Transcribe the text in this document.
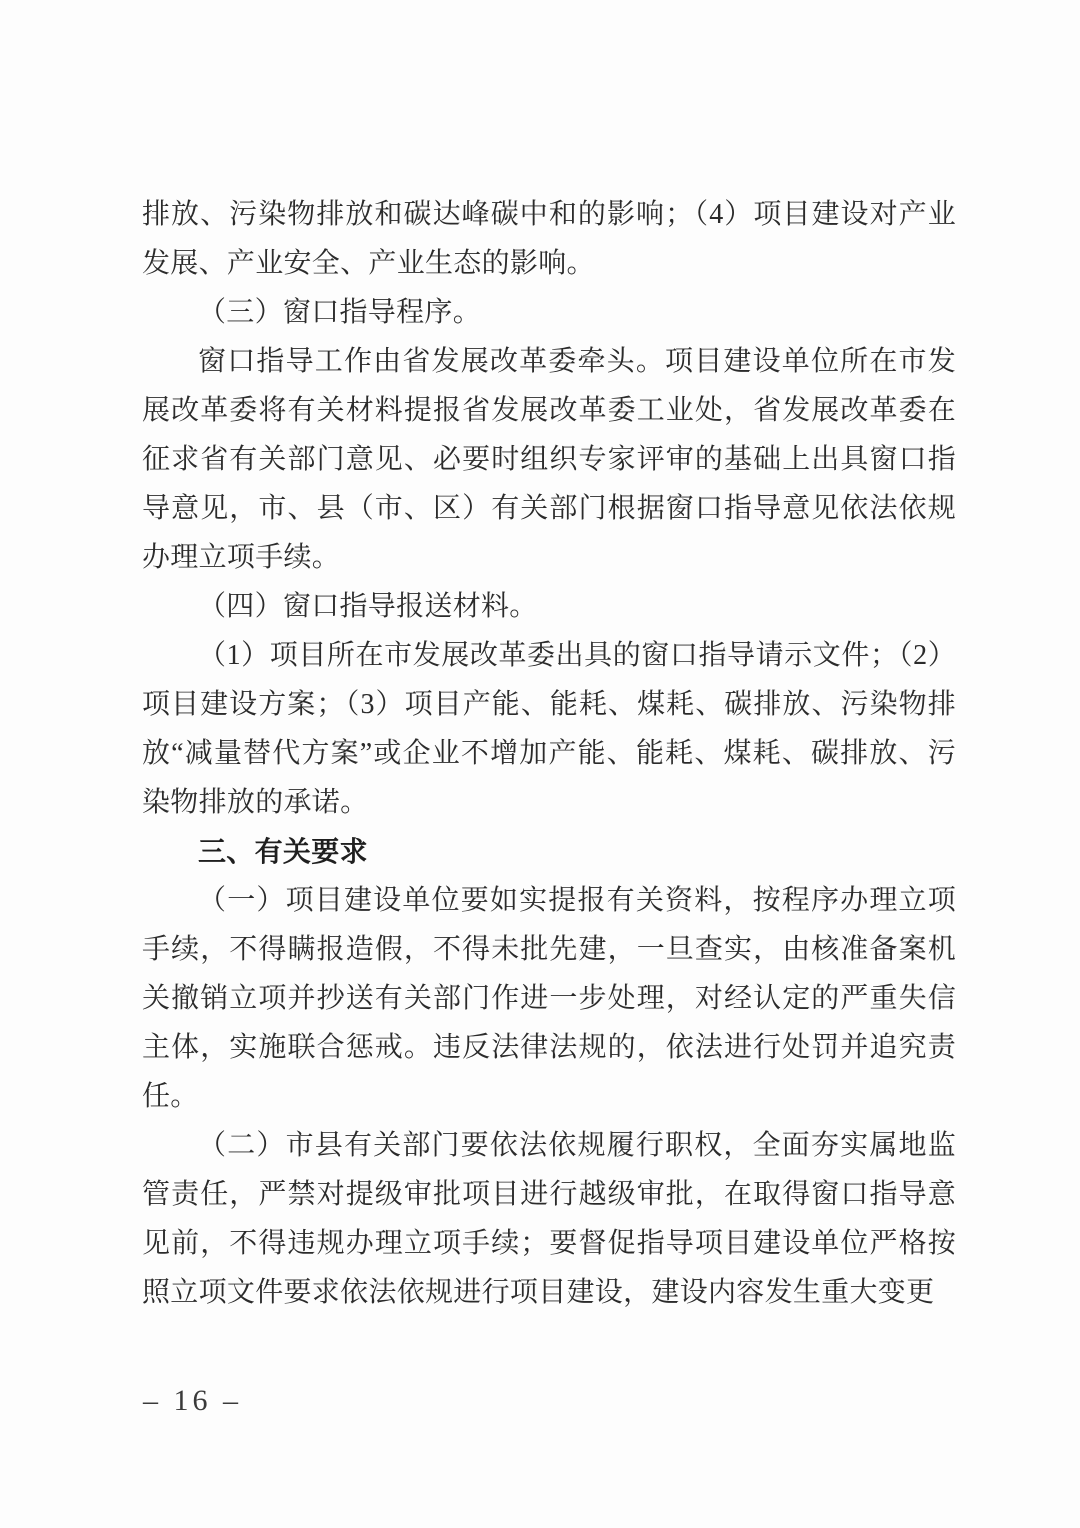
排放、污染物排放和碳达峰碳中和的影响；（4）项目建设对产业发展、产业安全、产业生态的影响。

（三）窗口指导程序。

窗口指导工作由省发展改革委牵头。项目建设单位所在市发展改革委将有关材料提报省发展改革委工业处，省发展改革委在征求省有关部门意见、必要时组织专家评审的基础上出具窗口指导意见，市、县（市、区）有关部门根据窗口指导意见依法依规办理立项手续。

（四）窗口指导报送材料。

（1）项目所在市发展改革委出具的窗口指导请示文件；（2）项目建设方案；（3）项目产能、能耗、煤耗、碳排放、污染物排放“减量替代方案”或企业不增加产能、能耗、煤耗、碳排放、污染物排放的承诺。

三、有关要求

（一）项目建设单位要如实提报有关资料，按程序办理立项手续，不得瞒报造假，不得未批先建，一旦查实，由核准备案机关撤销立项并抄送有关部门作进一步处理，对经认定的严重失信主体，实施联合惩戒。违反法律法规的，依法进行处罚并追究责任。

（二）市县有关部门要依法依规履行职权，全面夯实属地监管责任，严禁对提级审批项目进行越级审批，在取得窗口指导意见前，不得违规办理立项手续；要督促指导项目建设单位严格按照立项文件要求依法依规进行项目建设，建设内容发生重大变更

– 16 –
